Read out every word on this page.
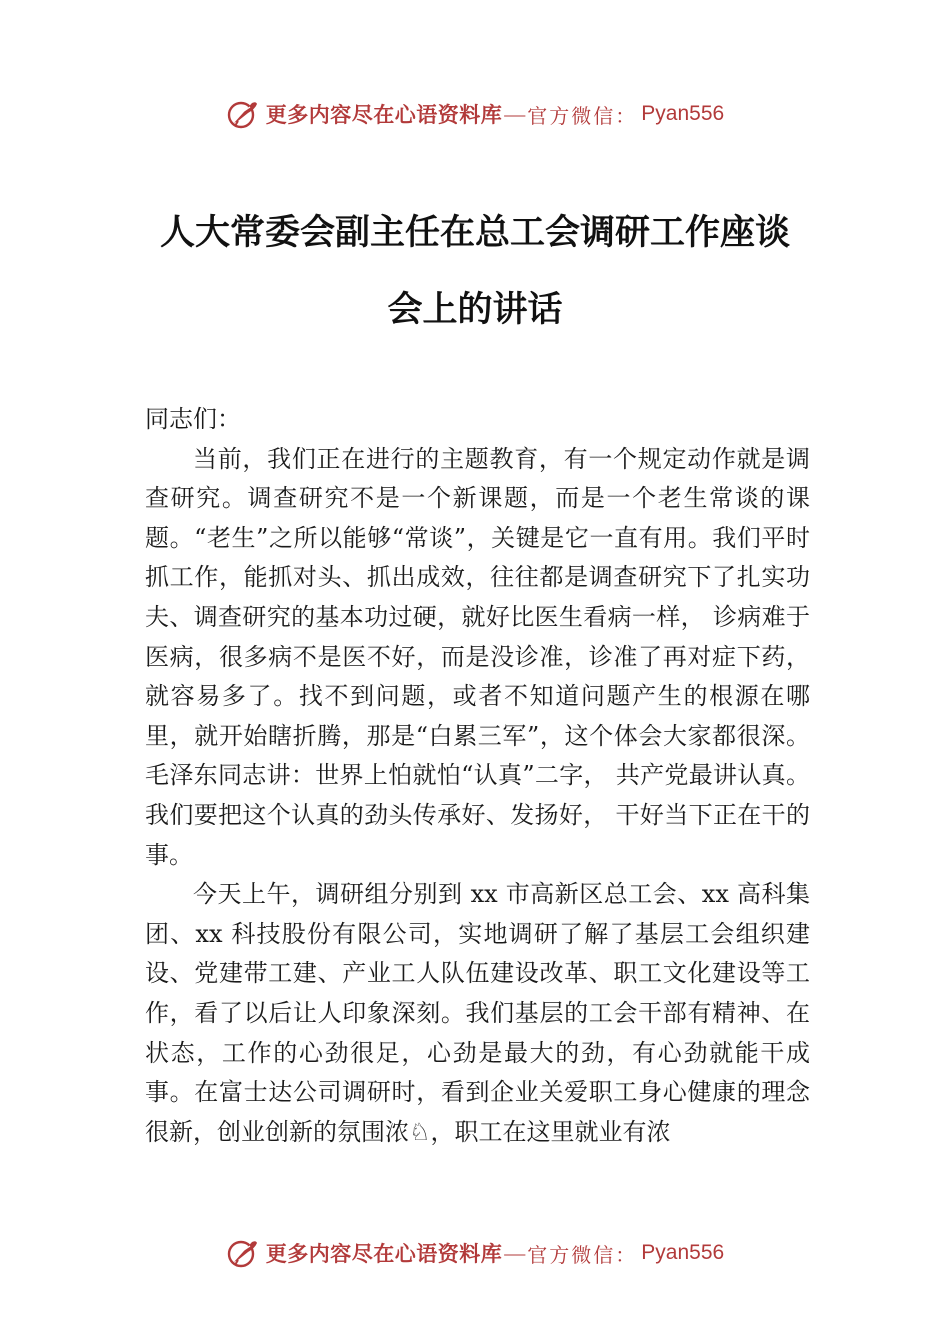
更多内容尽在心语资料库 — 官方微信： Pyan556
人大常委会副主任在总工会调研工作座谈
会上的讲话

同志们：

当前，我们正在进行的主题教育，有一个规定动作就是调查研究。调查研究不是一个新课题，而是一个老生常谈的课题。“老生”之所以能够“常谈”，关键是它一直有用。我们平时抓工作，能抓对头、抓出成效，往往都是调查研究下了扎实功夫、调查研究的基本功过硬，就好比医生看病一样， 诊病难于医病，很多病不是医不好，而是没诊准，诊准了再对症下药，就容易多了。找不到问题，或者不知道问题产生的根源在哪里，就开始瞎折腾，那是“白累三军”，这个体会大家都很深。毛泽东同志讲：世界上怕就怕“认真”二字， 共产党最讲认真。我们要把这个认真的劲头传承好、发扬好， 干好当下正在干的事。

今天上午，调研组分别到 xx 市高新区总工会、xx 高科集团、xx 科技股份有限公司，实地调研了解了基层工会组织建设、党建带工建、产业工人队伍建设改革、职工文化建设等工作，看了以后让人印象深刻。我们基层的工会干部有精神、在状态，工作的心劲很足，心劲是最大的劲，有心劲就能干成事。在富士达公司调研时，看到企业关爱职工身心健康的理念很新，创业创新的氛围浓♘，职工在这里就业有浓

更多内容尽在心语资料库 — 官方微信： Pyan556
